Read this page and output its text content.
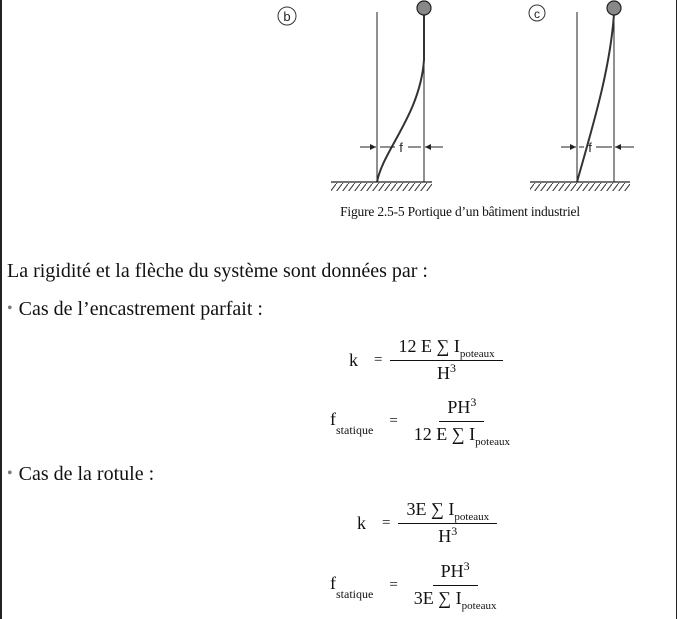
b
f
c
f
Figure 2.5-5 Portique d’un bâtiment industriel
La rigidité et la flèche du système sont données par :
• Cas de l’encastrement parfait :
$k = \frac{12 E \sum I_{poteaux}}{H^3}$
$f_{statique}$
= $\frac{PH^3}{12 E \sum I_{poteaux}}$
• Cas de la rotule :
$k = \frac{3E \sum I_{poteaux}}{H^3}$
$f_{statique}$
= $\frac{PH^3}{3E \sum I_{poteaux}}$
